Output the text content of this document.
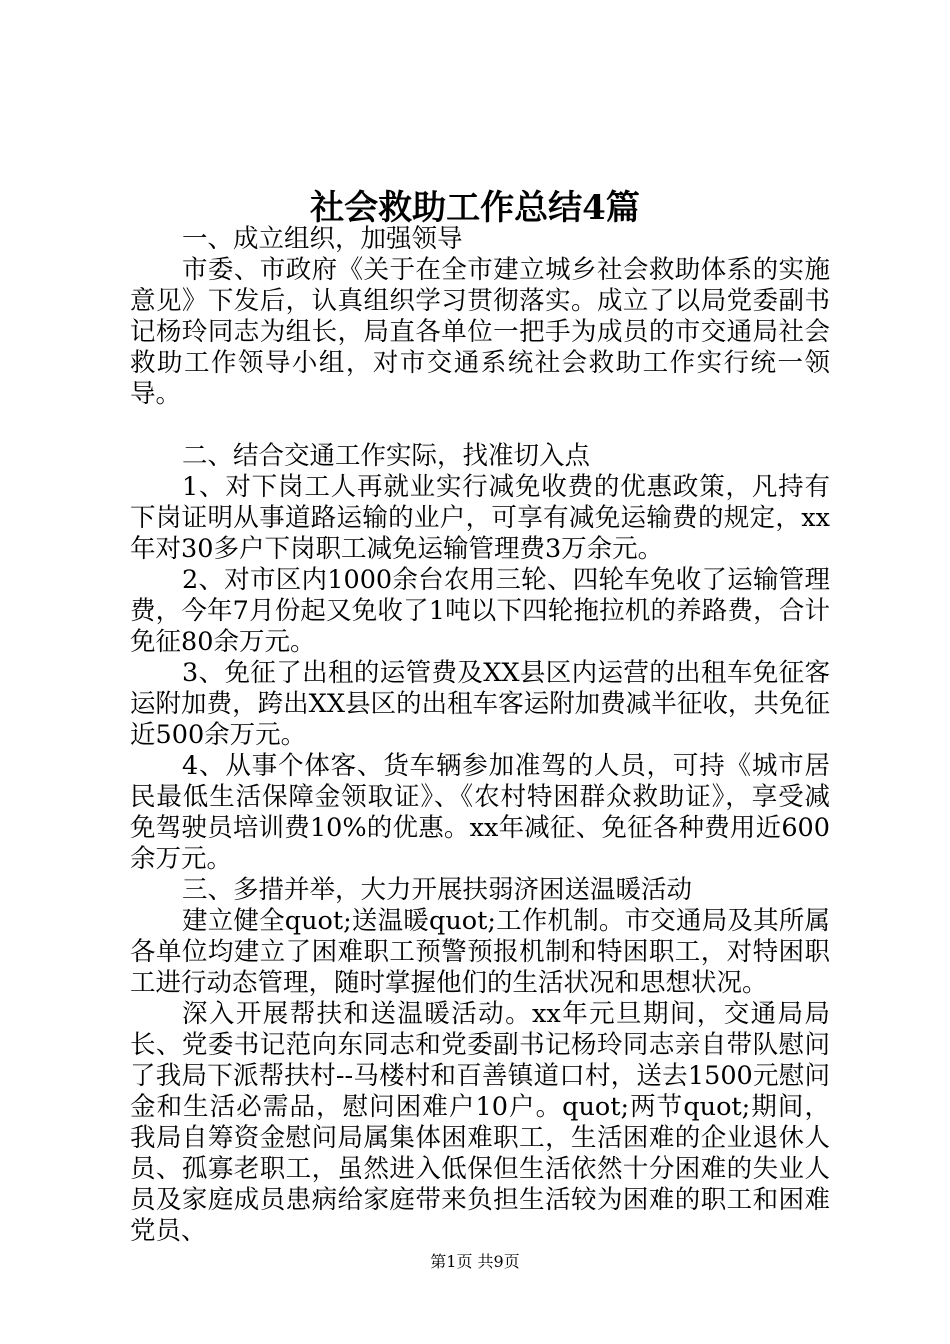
社会救助工作总结4篇

一、成立组织，加强领导

市委、市政府《关于在全市建立城乡社会救助体系的实施意见》下发后，认真组织学习贯彻落实。成立了以局党委副书记杨玲同志为组长，局直各单位一把手为成员的市交通局社会救助工作领导小组，对市交通系统社会救助工作实行统一领导。

二、结合交通工作实际，找准切入点

1、对下岗工人再就业实行减免收费的优惠政策，凡持有下岗证明从事道路运输的业户，可享有减免运输费的规定，xx年对30多户下岗职工减免运输管理费3万余元。

2、对市区内1000余台农用三轮、四轮车免收了运输管理费，今年7月份起又免收了1吨以下四轮拖拉机的养路费，合计免征80余万元。

3、免征了出租的运管费及XX县区内运营的出租车免征客运附加费，跨出XX县区的出租车客运附加费减半征收，共免征近500余万元。

4、从事个体客、货车辆参加准驾的人员，可持《城市居民最低生活保障金领取证》、《农村特困群众救助证》，享受减免驾驶员培训费10%的优惠。xx年减征、免征各种费用近600余万元。

三、多措并举，大力开展扶弱济困送温暖活动

建立健全quot;送温暖quot;工作机制。市交通局及其所属各单位均建立了困难职工预警预报机制和特困职工，对特困职工进行动态管理，随时掌握他们的生活状况和思想状况。

深入开展帮扶和送温暖活动。xx年元旦期间，交通局局长、党委书记范向东同志和党委副书记杨玲同志亲自带队慰问了我局下派帮扶村--马楼村和百善镇道口村，送去1500元慰问金和生活必需品，慰问困难户10户。quot;两节quot;期间，我局自筹资金慰问局属集体困难职工，生活困难的企业退休人员、孤寡老职工，虽然进入低保但生活依然十分困难的失业人员及家庭成员患病给家庭带来负担生活较为困难的职工和困难党员、

第1页 共9页
